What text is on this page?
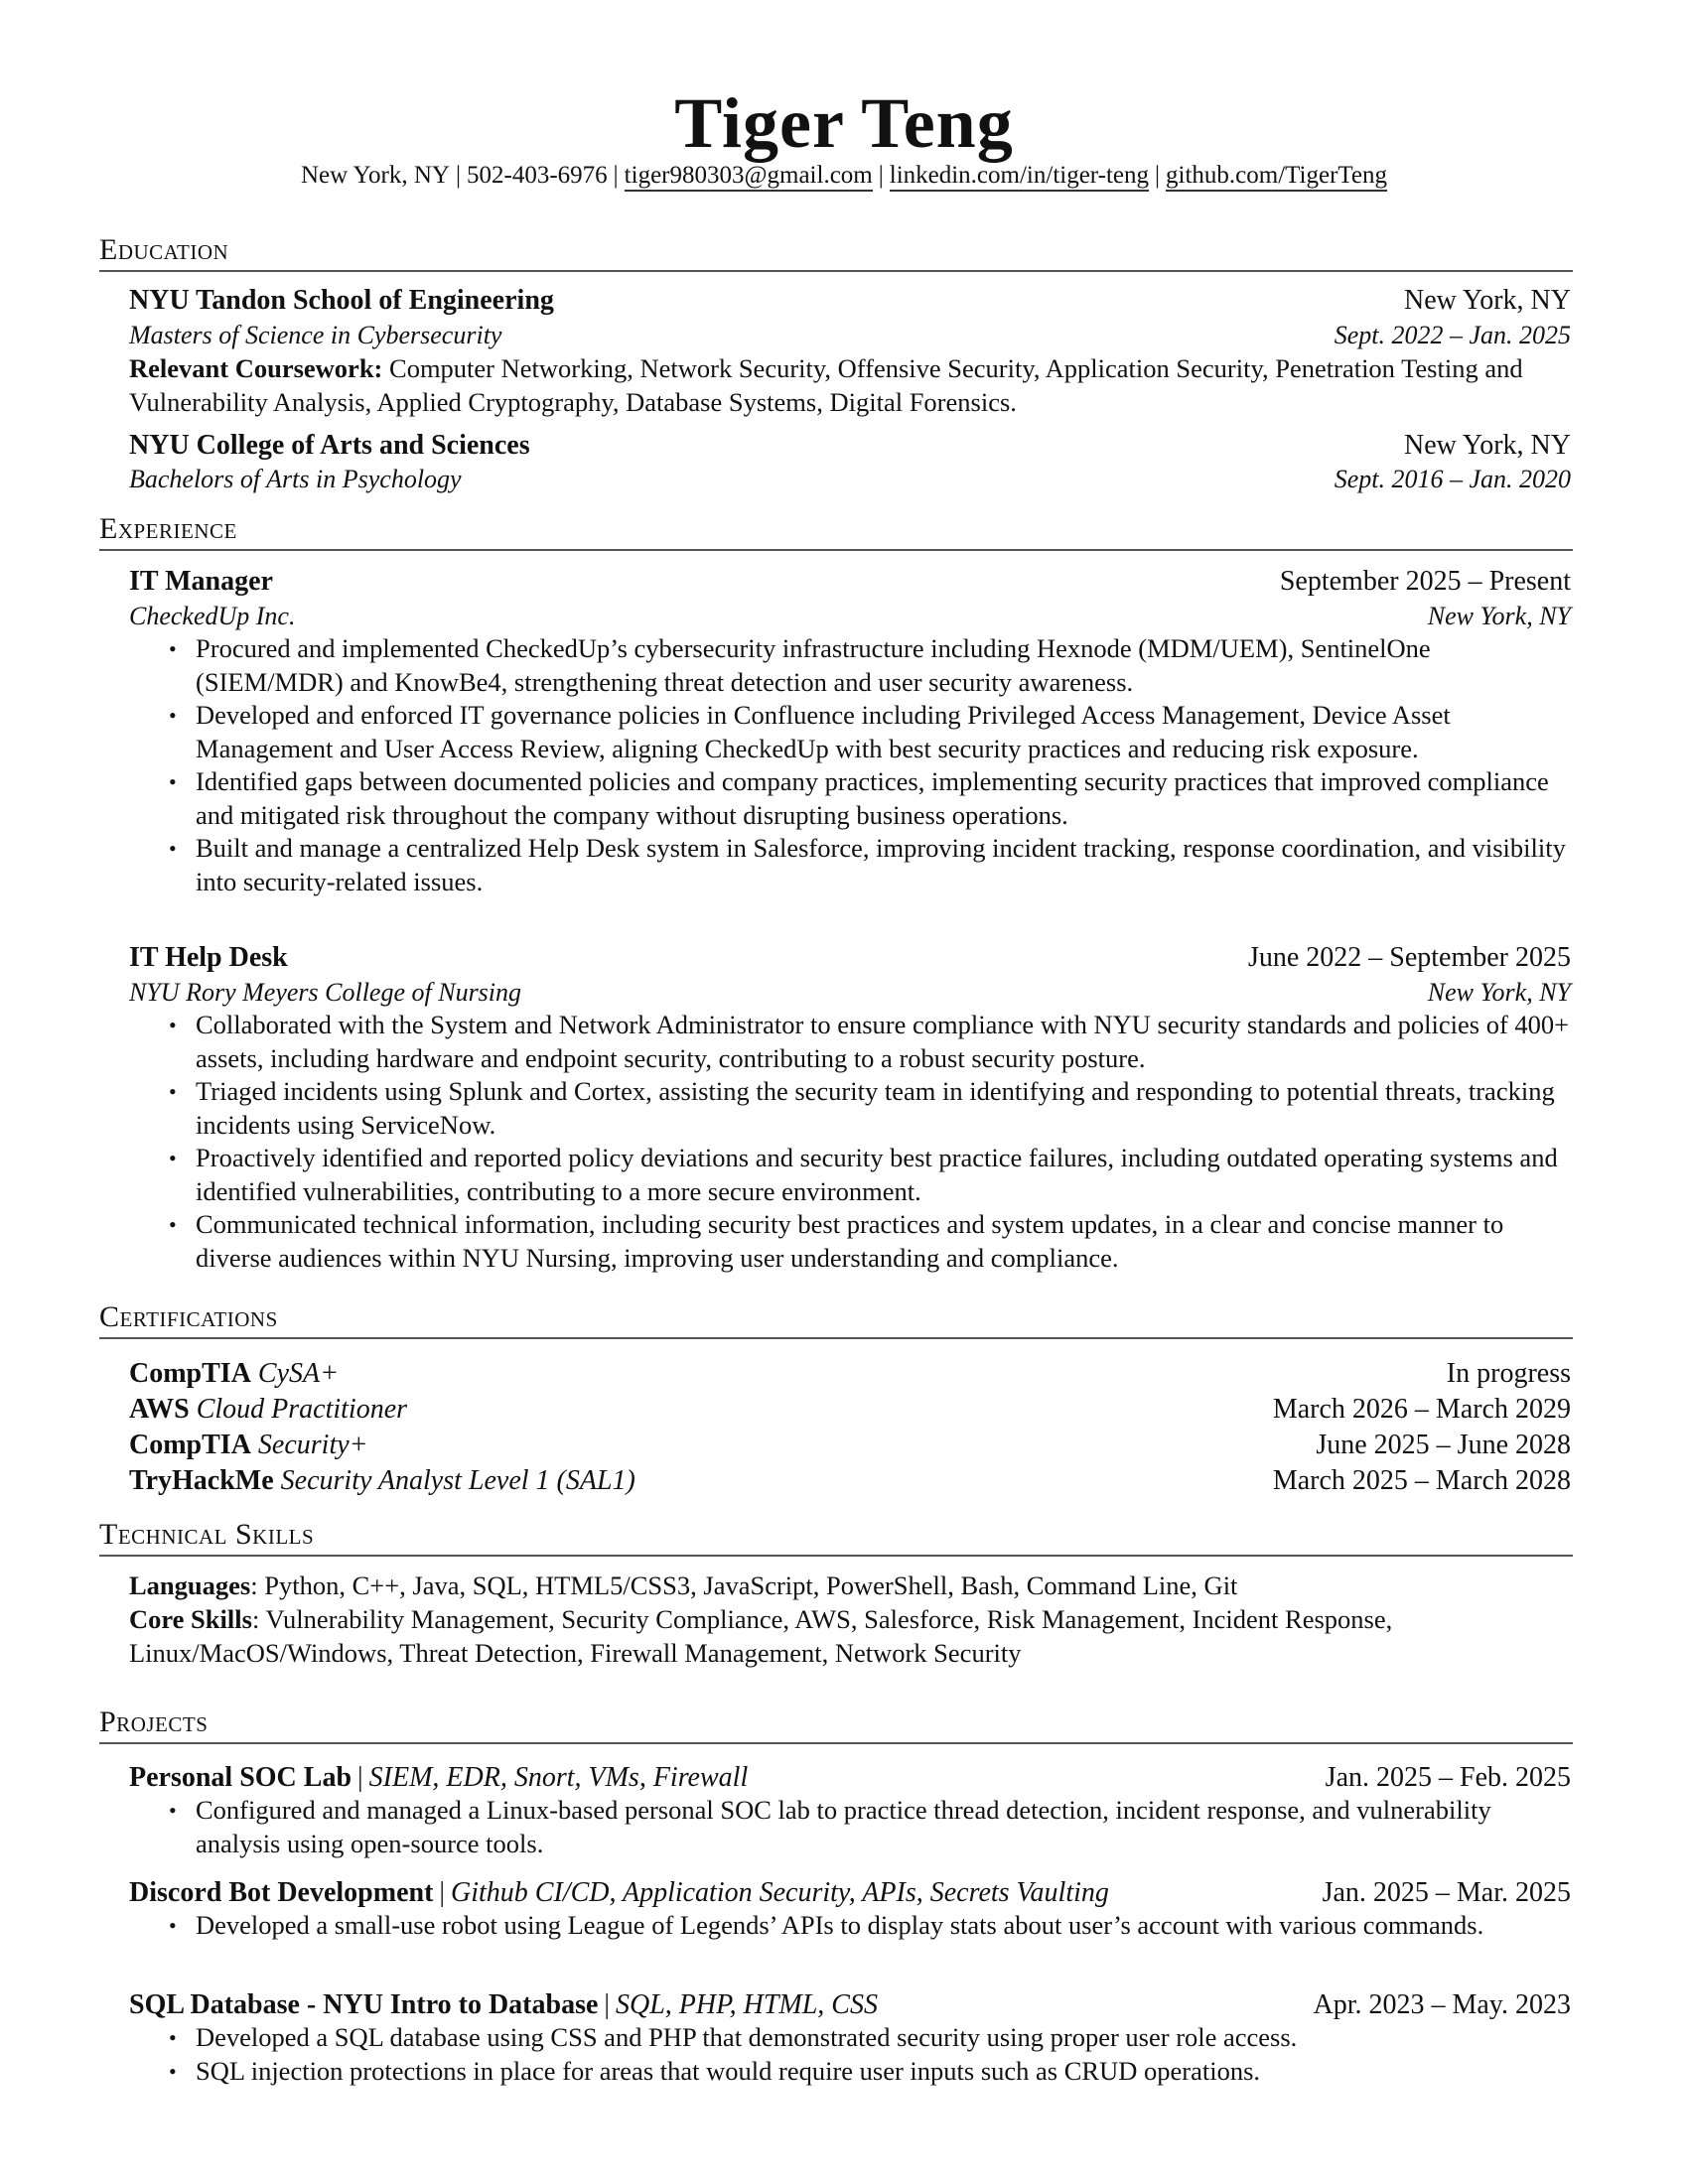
Tiger Teng
New York, NY | 502-403-6976 | tiger980303@gmail.com | linkedin.com/in/tiger-teng | github.com/TigerTeng
Education
NYU Tandon School of Engineering	New York, NY
Masters of Science in Cybersecurity	Sept. 2022 – Jan. 2025
Relevant Coursework: Computer Networking, Network Security, Offensive Security, Application Security, Penetration Testing and Vulnerability Analysis, Applied Cryptography, Database Systems, Digital Forensics.
NYU College of Arts and Sciences	New York, NY
Bachelors of Arts in Psychology	Sept. 2016 – Jan. 2020
Experience
IT Manager	September 2025 – Present
CheckedUp Inc.	New York, NY
• Procured and implemented CheckedUp’s cybersecurity infrastructure including Hexnode (MDM/UEM), SentinelOne (SIEM/MDR) and KnowBe4, strengthening threat detection and user security awareness.
• Developed and enforced IT governance policies in Confluence including Privileged Access Management, Device Asset Management and User Access Review, aligning CheckedUp with best security practices and reducing risk exposure.
• Identified gaps between documented policies and company practices, implementing security practices that improved compliance and mitigated risk throughout the company without disrupting business operations.
• Built and manage a centralized Help Desk system in Salesforce, improving incident tracking, response coordination, and visibility into security-related issues.
IT Help Desk	June 2022 – September 2025
NYU Rory Meyers College of Nursing	New York, NY
• Collaborated with the System and Network Administrator to ensure compliance with NYU security standards and policies of 400+ assets, including hardware and endpoint security, contributing to a robust security posture.
• Triaged incidents using Splunk and Cortex, assisting the security team in identifying and responding to potential threats, tracking incidents using ServiceNow.
• Proactively identified and reported policy deviations and security best practice failures, including outdated operating systems and identified vulnerabilities, contributing to a more secure environment.
• Communicated technical information, including security best practices and system updates, in a clear and concise manner to diverse audiences within NYU Nursing, improving user understanding and compliance.
Certifications
CompTIA CySA+	In progress
AWS Cloud Practitioner	March 2026 – March 2029
CompTIA Security+	June 2025 – June 2028
TryHackMe Security Analyst Level 1 (SAL1)	March 2025 – March 2028
Technical Skills
Languages: Python, C++, Java, SQL, HTML5/CSS3, JavaScript, PowerShell, Bash, Command Line, Git
Core Skills: Vulnerability Management, Security Compliance, AWS, Salesforce, Risk Management, Incident Response, Linux/MacOS/Windows, Threat Detection, Firewall Management, Network Security
Projects
Personal SOC Lab | SIEM, EDR, Snort, VMs, Firewall	Jan. 2025 – Feb. 2025
• Configured and managed a Linux-based personal SOC lab to practice thread detection, incident response, and vulnerability analysis using open-source tools.
Discord Bot Development | Github CI/CD, Application Security, APIs, Secrets Vaulting	Jan. 2025 – Mar. 2025
• Developed a small-use robot using League of Legends’ APIs to display stats about user’s account with various commands.
SQL Database - NYU Intro to Database | SQL, PHP, HTML, CSS	Apr. 2023 – May. 2023
• Developed a SQL database using CSS and PHP that demonstrated security using proper user role access.
• SQL injection protections in place for areas that would require user inputs such as CRUD operations.
